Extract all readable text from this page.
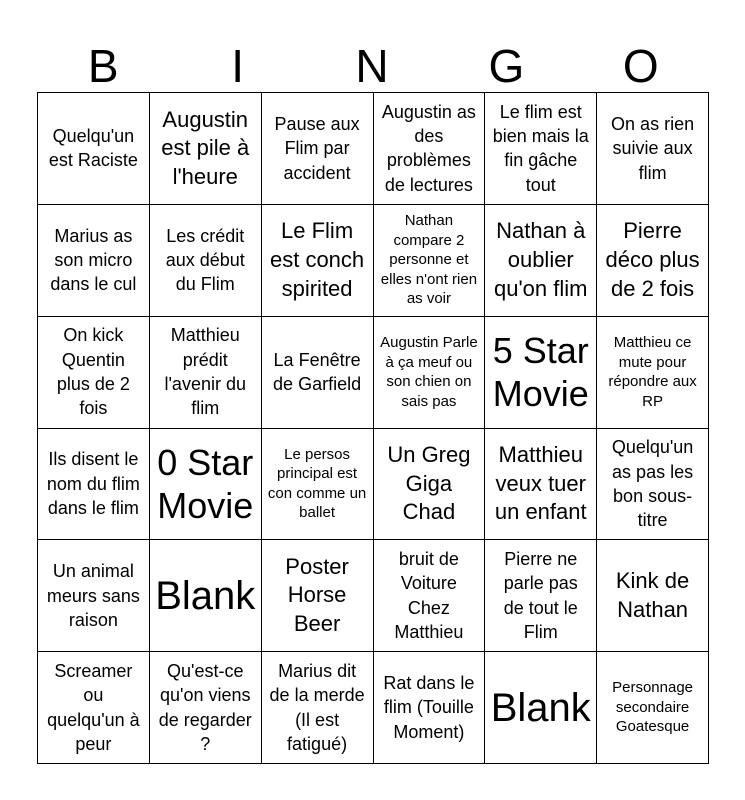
B	I	N	G	O
Quelqu'un est Raciste
Augustin est pile à l'heure
Pause aux Flim par accident
Augustin as des problèmes de lectures
Le flim est bien mais la fin gâche tout
On as rien suivie aux flim
Marius as son micro dans le cul
Les crédit aux début du Flim
Le Flim est conch spirited
Nathan compare 2 personne et elles n'ont rien as voir
Nathan à oublier qu'on flim
Pierre déco plus de 2 fois
On kick Quentin plus de 2 fois
Matthieu prédit l'avenir du flim
La Fenêtre de Garfield
Augustin Parle à ça meuf ou son chien on sais pas
5 Star Movie
Matthieu ce mute pour répondre aux RP
Ils disent le nom du flim dans le flim
0 Star Movie
Le persos principal est con comme un ballet
Un Greg Giga Chad
Matthieu veux tuer un enfant
Quelqu'un as pas les bon sous-titre
Un animal meurs sans raison
Blank
Poster Horse Beer
bruit de Voiture Chez Matthieu
Pierre ne parle pas de tout le Flim
Kink de Nathan
Screamer ou quelqu'un à peur
Qu'est-ce qu'on viens de regarder ?
Marius dit de la merde (Il est fatigué)
Rat dans le flim (Touille Moment)
Blank	Personnage secondaire Goatesque
